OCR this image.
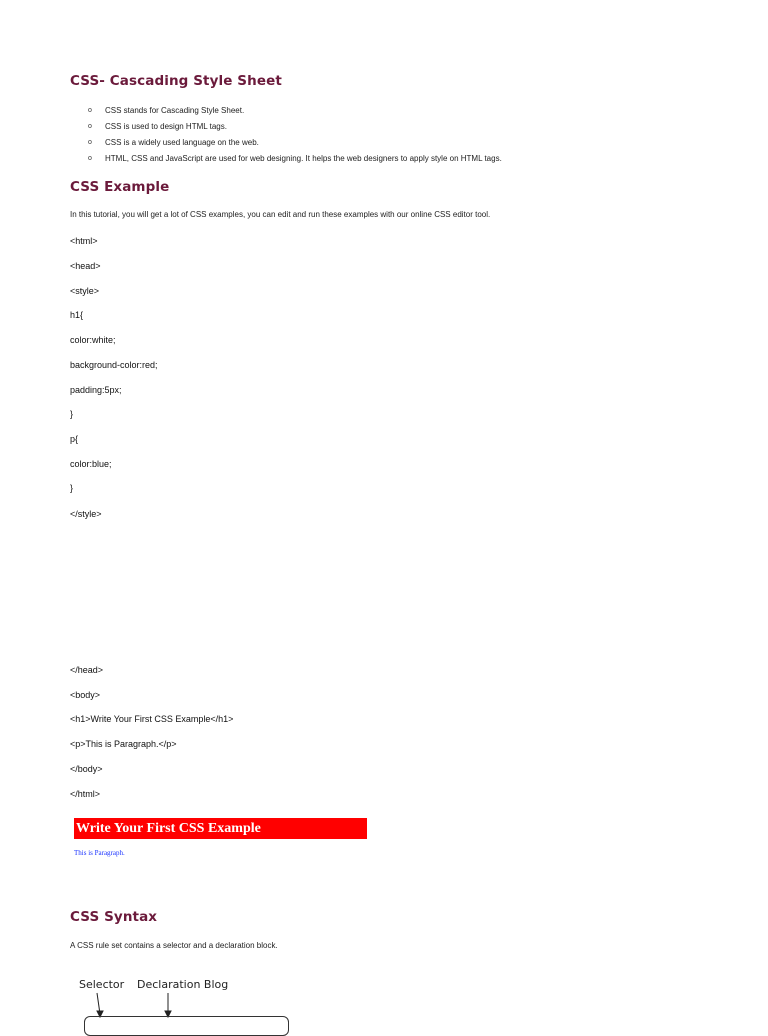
CSS- Cascading Style Sheet
o CSS stands for Cascading Style Sheet.
o CSS is used to design HTML tags.
o CSS is a widely used language on the web.
o HTML, CSS and JavaScript are used for web designing. It helps the web designers to apply style on HTML tags.
CSS Example

In this tutorial, you will get a lot of CSS examples, you can edit and run these examples with our online CSS editor tool.

<html>
<head>
<style>
h1{
color:white;
background-color:red;
padding:5px;
}
p{
color:blue;
}
</style>
</head>
<body>
<h1>Write Your First CSS Example</h1>
<p>This is Paragraph.</p>
</body>
</html>
Write Your First CSS Example
This is Paragraph.
CSS Syntax

A CSS rule set contains a selector and a declaration block.

Selector Declaration Blog
